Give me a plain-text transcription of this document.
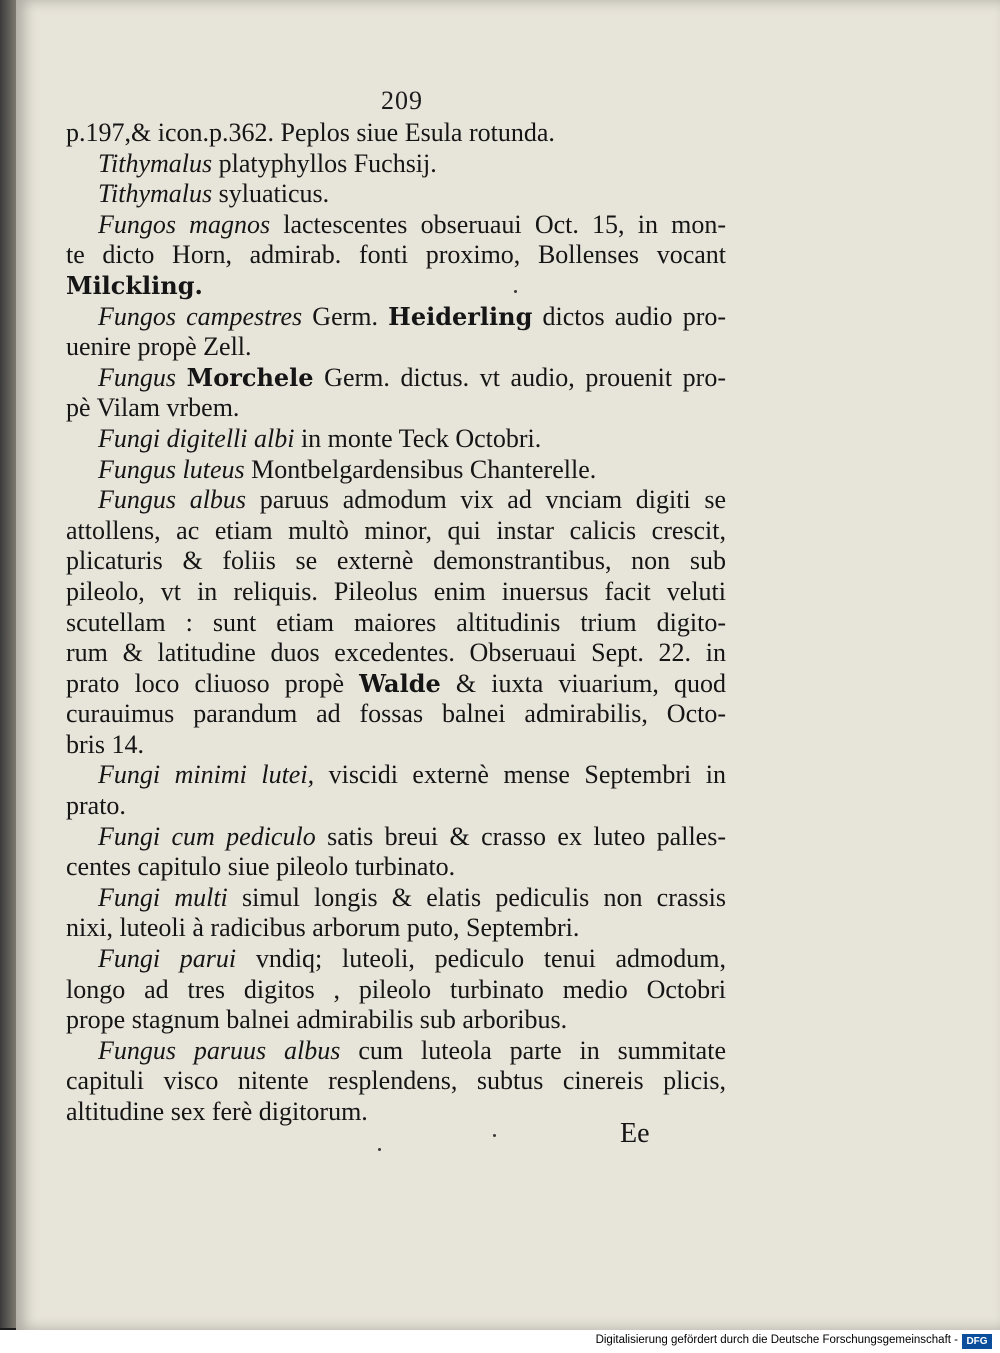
209
p.197,& icon.p.362. Peplos siue Esula rotunda.
Tithymalus platyphyllos Fuchsij.
Tithymalus syluaticus.
Fungos magnos lactescentes obseruaui Oct. 15, in mon-
te dicto Horn, admirab. fonti proximo, Bollenses vocant
Milckling.
Fungos campestres Germ. Heiderling dictos audio pro-
uenire propè Zell.
Fungus Morchele Germ. dictus. vt audio, prouenit pro-
pè Vilam vrbem.
Fungi digitelli albi in monte Teck Octobri.
Fungus luteus Montbelgardensibus Chanterelle.
Fungus albus paruus admodum vix ad vnciam digiti se
attollens, ac etiam multò minor, qui instar calicis crescit,
plicaturis & foliis se externè demonstrantibus, non sub
pileolo, vt in reliquis. Pileolus enim inuersus facit veluti
scutellam : sunt etiam maiores altitudinis trium digito-
rum & latitudine duos excedentes. Obseruaui Sept. 22. in
prato loco cliuoso propè Walde & iuxta viuarium, quod
curauimus parandum ad fossas balnei admirabilis, Octo-
bris 14.
Fungi minimi lutei, viscidi externè mense Septembri in
prato.
Fungi cum pediculo satis breui & crasso ex luteo palles-
centes capitulo siue pileolo turbinato.
Fungi multi simul longis & elatis pediculis non crassis
nixi, luteoli à radicibus arborum puto, Septembri.
Fungi parui vndiq; luteoli, pediculo tenui admodum,
longo ad tres digitos , pileolo turbinato medio Octobri
prope stagnum balnei admirabilis sub arboribus.
Fungus paruus albus cum luteola parte in summitate
capituli visco nitente resplendens, subtus cinereis plicis,
altitudine sex ferè digitorum.
Ee
Digitalisierung gefördert durch die Deutsche Forschungsgemeinschaft - DFG
